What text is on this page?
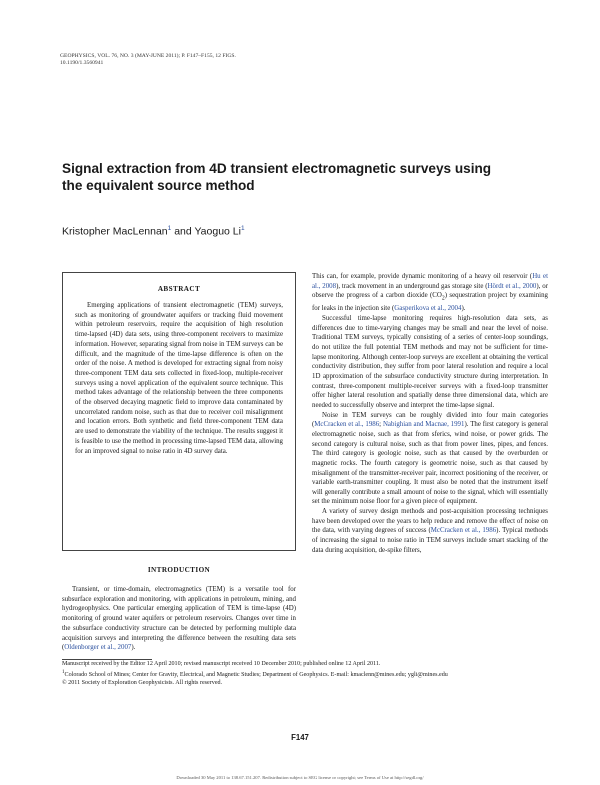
GEOPHYSICS, VOL. 76, NO. 3 (MAY-JUNE 2011); P. F147–F155, 12 FIGS.
10.1190/1.3560941
Signal extraction from 4D transient electromagnetic surveys using the equivalent source method
Kristopher MacLennan$^1$ and Yaoguo Li$^1$
ABSTRACT
Emerging applications of transient electromagnetic (TEM) surveys, such as monitoring of groundwater aquifers or tracking fluid movement within petroleum reservoirs, require the acquisition of high resolution time-lapsed (4D) data sets, using three-component receivers to maximize information. However, separating signal from noise in TEM surveys can be difficult, and the magnitude of the time-lapse difference is often on the order of the noise. A method is developed for extracting signal from noisy three-component TEM data sets collected in fixed-loop, multiple-receiver surveys using a novel application of the equivalent source technique. This method takes advantage of the relationship between the three components of the observed decaying magnetic field to improve data contaminated by uncorrelated random noise, such as that due to receiver coil misalignment and location errors. Both synthetic and field three-component TEM data are used to demonstrate the viability of the technique. The results suggest it is feasible to use the method in processing time-lapsed TEM data, allowing for an improved signal to noise ratio in 4D survey data.
INTRODUCTION

Transient, or time-domain, electromagnetics (TEM) is a versatile tool for subsurface exploration and monitoring, with applications in petroleum, mining, and hydrogeophysics. One particular emerging application of TEM is time-lapse (4D) monitoring of ground water aquifers or petroleum reservoirs. Changes over time in the subsurface conductivity structure can be detected by performing multiple data acquisition surveys and interpreting the difference between the resulting data sets (Oldenborger et al., 2007).

This can, for example, provide dynamic monitoring of a heavy oil reservoir (Hu et al., 2008), track movement in an underground gas storage site (Hördt et al., 2000), or observe the progress of a carbon dioxide $(CO_2)$ sequestration project by examining for leaks in the injection site (Gasperikova et al., 2004).

Successful time-lapse monitoring requires high-resolution data sets, as differences due to time-varying changes may be small and near the level of noise. Traditional TEM surveys, typically consisting of a series of center-loop soundings, do not utilize the full potential TEM methods and may not be sufficient for time-lapse monitoring. Although center-loop surveys are excellent at obtaining the vertical conductivity distribution, they suffer from poor lateral resolution and require a local 1D approximation of the subsurface conductivity structure during interpretation. In contrast, three-component multiple-receiver surveys with a fixed-loop transmitter offer higher lateral resolution and spatially dense three dimensional data, which are needed to successfully observe and interpret the time-lapse signal.

Noise in TEM surveys can be roughly divided into four main categories (McCracken et al., 1986; Nabighian and Macnae, 1991). The first category is general electromagnetic noise, such as that from sferics, wind noise, or power grids. The second category is cultural noise, such as that from power lines, pipes, and fences. The third category is geologic noise, such as that caused by the overburden or magnetic rocks. The fourth category is geometric noise, such as that caused by misalignment of the transmitter-receiver pair, incorrect positioning of the receiver, or variable earth-transmitter coupling. It must also be noted that the instrument itself will generally contribute a small amount of noise to the signal, which will essentially set the minimum noise floor for a given piece of equipment.

A variety of survey design methods and post-acquisition processing techniques have been developed over the years to help reduce and remove the effect of noise on the data, with varying degrees of success (McCracken et al., 1986). Typical methods of increasing the signal to noise ratio in TEM surveys include smart stacking of the data during acquisition, de-spike filters,

Manuscript received by the Editor 12 April 2010; revised manuscript received 10 December 2010; published online 12 April 2011.

$^1$Colorado School of Mines; Center for Gravity, Electrical, and Magnetic Studies; Department of Geophysics. E-mail: kmaclenn@mines.edu; ygli@mines.edu

© 2011 Society of Exploration Geophysicists. All rights reserved.

F147
Downloaded 30 May 2011 to 138.67.151.207. Redistribution subject to SEG license or copyright; see Terms of Use at http://segdl.org/
